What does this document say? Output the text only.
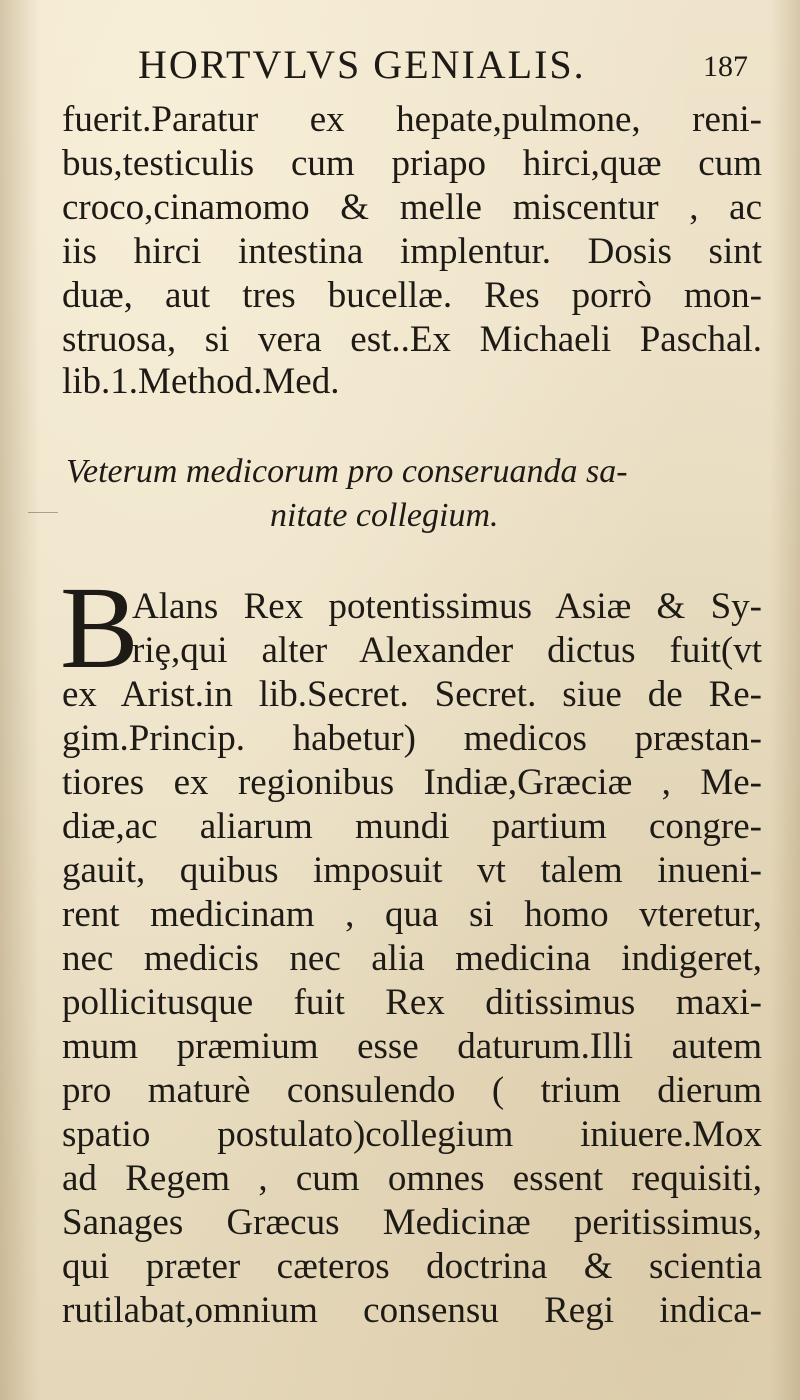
HORTVLVS GENIALIS.	187
fuerit.Paratur ex hepate,pulmone, reni-
bus,testiculis cum priapo hirci,quæ cum
croco,cinamomo & melle miscentur , ac
iis hirci intestina implentur. Dosis sint
duæ, aut tres bucellæ. Res porrò mon-
struosa, si vera est..Ex Michaeli Paschal.
lib.1.Method.Med.
Veterum medicorum pro conseruanda sa-
nitate collegium.
B
Alans Rex potentissimus Asiæ & Sy-
riȩ,qui alter Alexander dictus fuit(vt
ex Arist.in lib.Secret. Secret. siue de Re-
gim.Princip. habetur) medicos præstan-
tiores ex regionibus Indiæ,Græciæ , Me-
diæ,ac aliarum mundi partium congre-
gauit, quibus imposuit vt talem inueni-
rent medicinam , qua si homo vteretur,
nec medicis nec alia medicina indigeret,
pollicitusque fuit Rex ditissimus maxi-
mum præmium esse daturum.Illi autem
pro maturè consulendo ( trium dierum
spatio postulato)collegium iniuere.Mox
ad Regem , cum omnes essent requisiti,
Sanages Græcus Medicinæ peritissimus,
qui præter cæteros doctrina & scientia
rutilabat,omnium consensu Regi indica-
